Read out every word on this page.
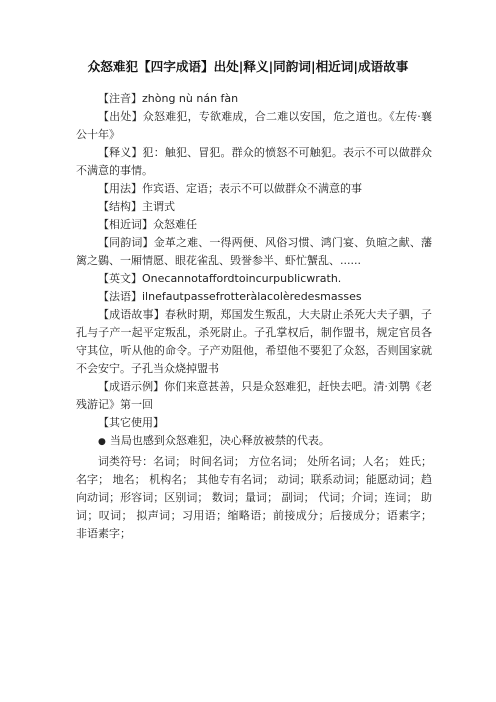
众怒难犯【四字成语】出处|释义|同韵词|相近词|成语故事

【注音】zhòng nù nán fàn

【出处】众怒难犯，专欲难成，合二难以安国，危之道也。《左传·襄公十年》

【释义】犯：触犯、冒犯。群众的愤怒不可触犯。表示不可以做群众不满意的事情。

【用法】作宾语、定语；表示不可以做群众不满意的事

【结构】主谓式

【相近词】众怒难任

【同韵词】金革之难、一得两便、风俗习惯、鸿门宴、负暄之献、藩篱之鷃、一厢情愿、眼花雀乱、毁誉参半、虾忙蟹乱、......

【英文】Onecannotaffordtoincurpublicwrath.

【法语】ilnefautpassefrotteràlacolèredesmasses

【成语故事】春秋时期，郑国发生叛乱，大夫尉止杀死大夫子驷，子孔与子产一起平定叛乱，杀死尉止。子孔掌权后，制作盟书，规定官员各守其位，听从他的命令。子产劝阻他，希望他不要犯了众怒，否则国家就不会安宁。子孔当众烧掉盟书

【成语示例】你们来意甚善，只是众怒难犯，赶快去吧。清·刘鹗《老残游记》第一回

【其它使用】

● 当局也感到众怒难犯，决心释放被禁的代表。

词类符号：名词； 时间名词； 方位名词； 处所名词；人名； 姓氏； 名字； 地名； 机构名； 其他专有名词； 动词；联系动词；能愿动词；趋向动词；形容词；区别词； 数词；量词； 副词； 代词；介词；连词； 助词；叹词； 拟声词；习用语；缩略语；前接成分；后接成分；语素字； 非语素字；
